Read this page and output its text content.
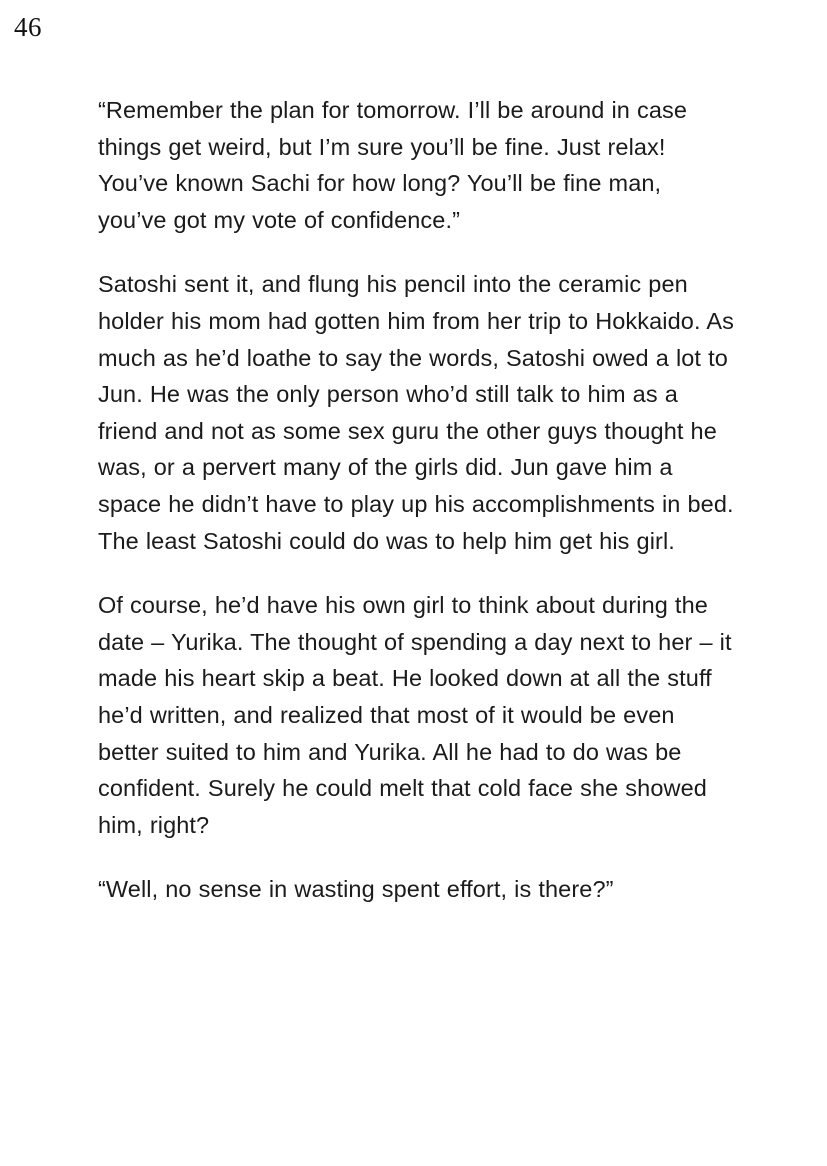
46

“Remember the plan for tomorrow. I’ll be around in case things get weird, but I’m sure you’ll be fine. Just relax! You’ve known Sachi for how long? You’ll be fine man, you’ve got my vote of confidence.”

Satoshi sent it, and flung his pencil into the ceramic pen holder his mom had gotten him from her trip to Hokkaido. As much as he’d loathe to say the words, Satoshi owed a lot to Jun. He was the only person who’d still talk to him as a friend and not as some sex guru the other guys thought he was, or a pervert many of the girls did. Jun gave him a space he didn’t have to play up his accomplishments in bed. The least Satoshi could do was to help him get his girl.

Of course, he’d have his own girl to think about during the date – Yurika. The thought of spending a day next to her – it made his heart skip a beat. He looked down at all the stuff he’d written, and realized that most of it would be even better suited to him and Yurika. All he had to do was be confident. Surely he could melt that cold face she showed him, right?

“Well, no sense in wasting spent effort, is there?”
